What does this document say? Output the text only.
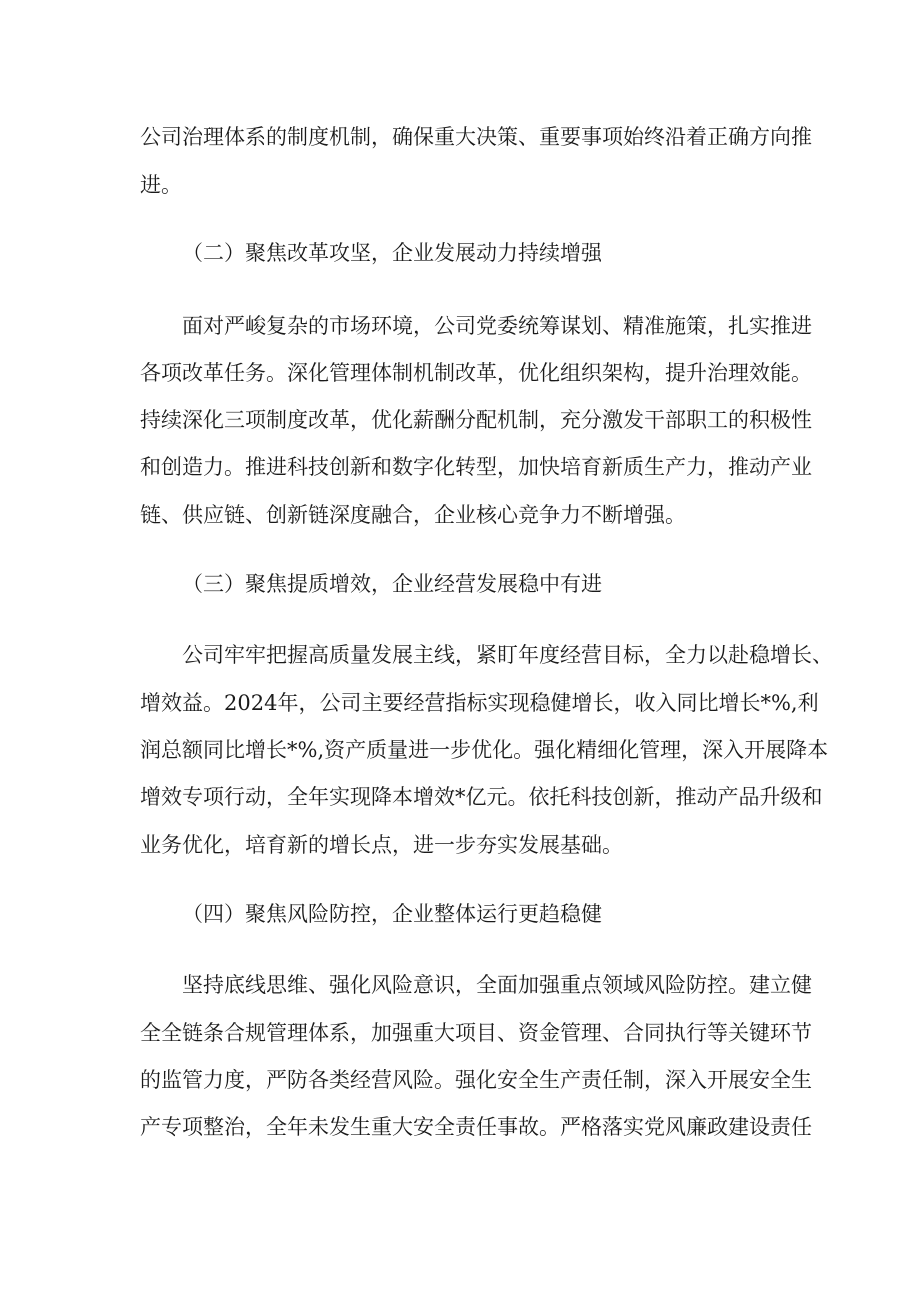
公司治理体系的制度机制，确保重大决策、重要事项始终沿着正确方向推
进。
（二）聚焦改革攻坚，企业发展动力持续增强
面对严峻复杂的市场环境，公司党委统筹谋划、精准施策，扎实推进
各项改革任务。深化管理体制机制改革，优化组织架构，提升治理效能。
持续深化三项制度改革，优化薪酬分配机制，充分激发干部职工的积极性
和创造力。推进科技创新和数字化转型，加快培育新质生产力，推动产业
链、供应链、创新链深度融合，企业核心竞争力不断增强。
（三）聚焦提质增效，企业经营发展稳中有进
公司牢牢把握高质量发展主线，紧盯年度经营目标，全力以赴稳增长、
增效益。2024年，公司主要经营指标实现稳健增长，收入同比增长*%,利
润总额同比增长*%,资产质量进一步优化。强化精细化管理，深入开展降本
增效专项行动，全年实现降本增效*亿元。依托科技创新，推动产品升级和
业务优化，培育新的增长点，进一步夯实发展基础。
（四）聚焦风险防控，企业整体运行更趋稳健
坚持底线思维、强化风险意识，全面加强重点领域风险防控。建立健
全全链条合规管理体系，加强重大项目、资金管理、合同执行等关键环节
的监管力度，严防各类经营风险。强化安全生产责任制，深入开展安全生
产专项整治，全年未发生重大安全责任事故。严格落实党风廉政建设责任
